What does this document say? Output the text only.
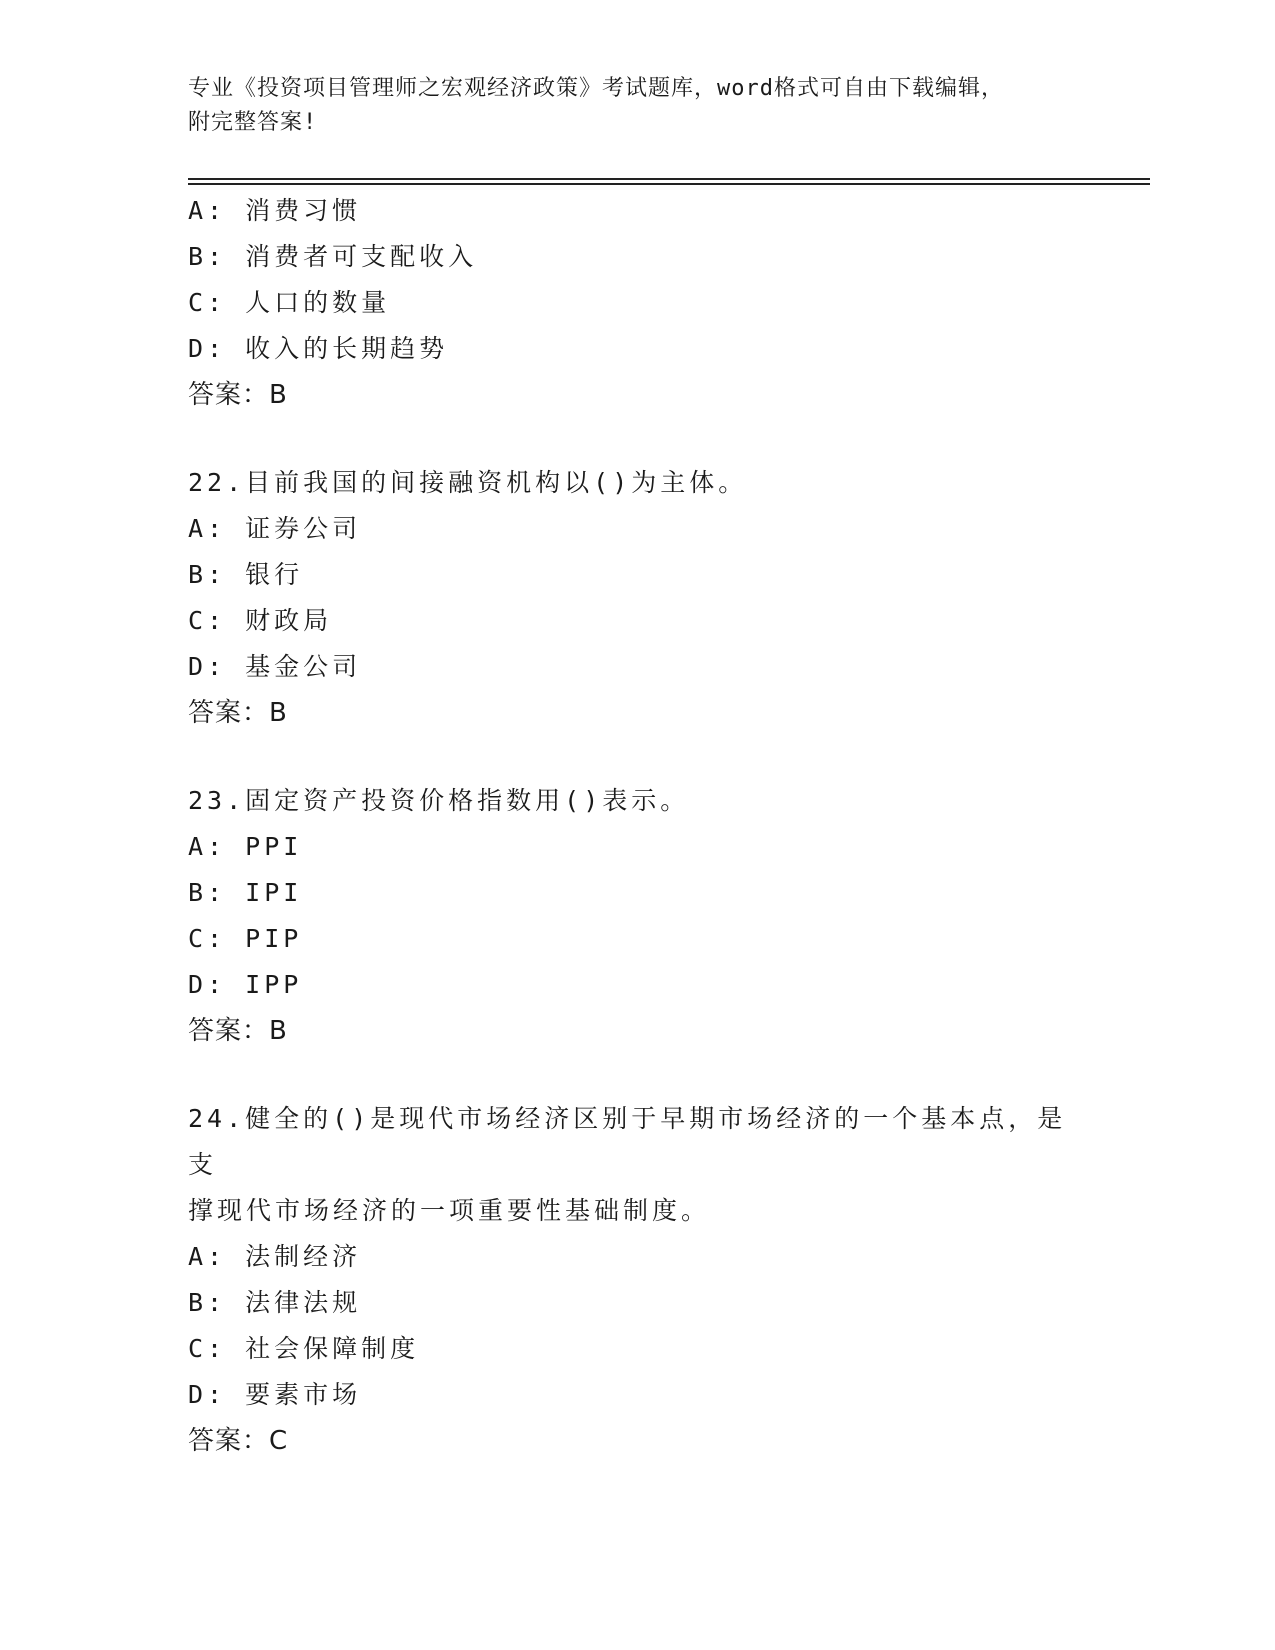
专业《投资项目管理师之宏观经济政策》考试题库，word格式可自由下载编辑，
附完整答案!
A: 消费习惯
B: 消费者可支配收入
C: 人口的数量
D: 收入的长期趋势
答案：B
22.目前我国的间接融资机构以()为主体。
A: 证券公司
B: 银行
C: 财政局
D: 基金公司
答案：B
23.固定资产投资价格指数用()表示。
A: PPI
B: IPI
C: PIP
D: IPP
答案：B
24.健全的()是现代市场经济区别于早期市场经济的一个基本点，是支
撑现代市场经济的一项重要性基础制度。
A: 法制经济
B: 法律法规
C: 社会保障制度
D: 要素市场
答案：C
